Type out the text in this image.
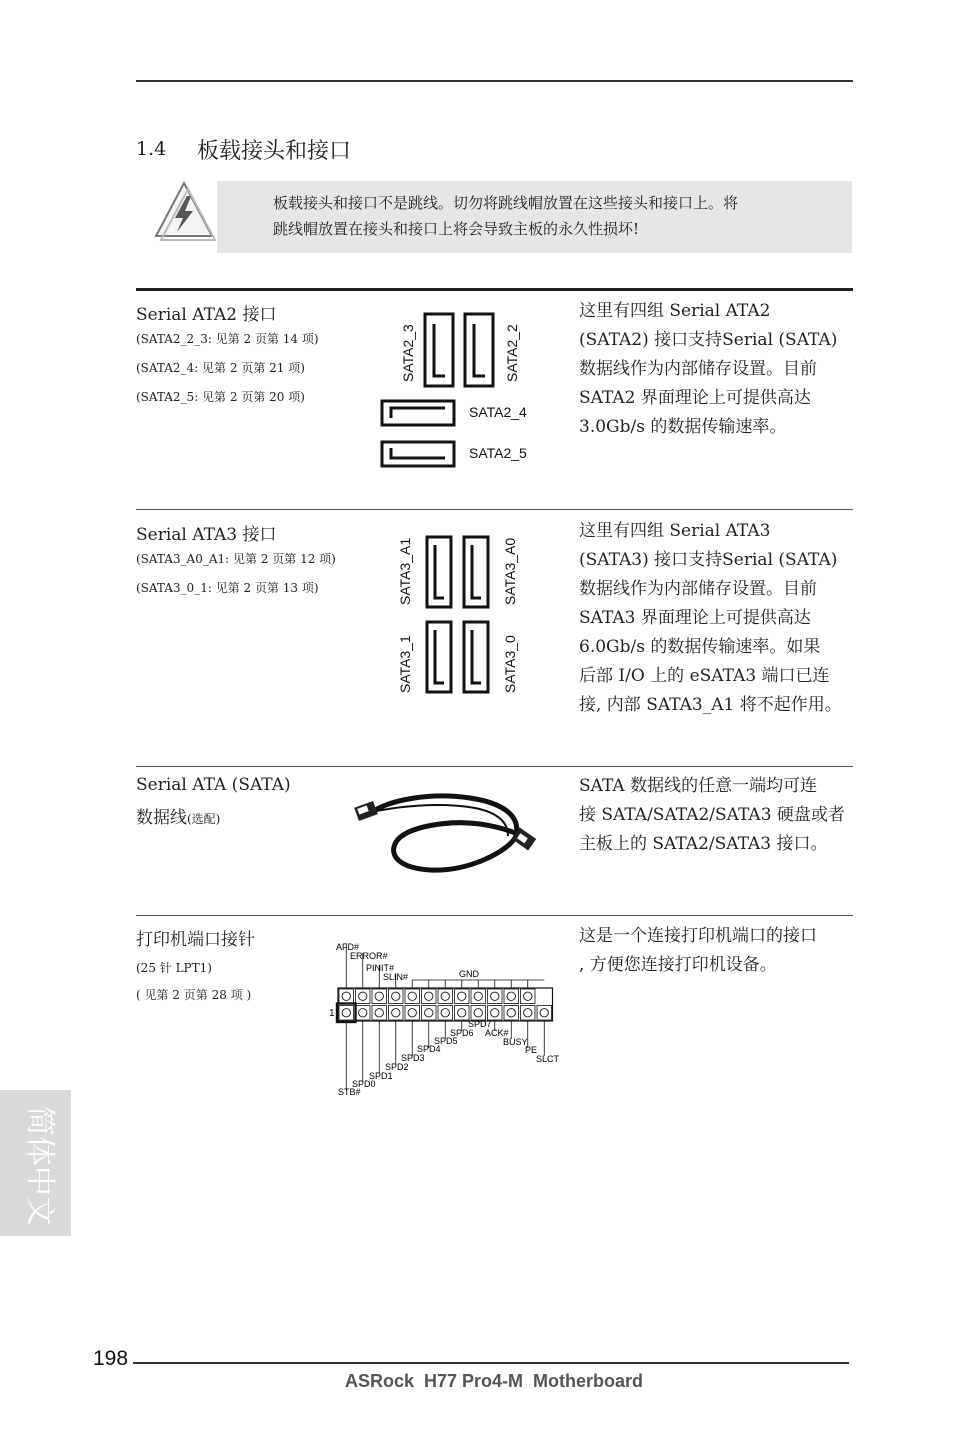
1.4 板载接头和接口
板载接头和接口不是跳线。切勿将跳线帽放置在这些接头和接口上。将
跳线帽放置在接头和接口上将会导致主板的永久性损坏!
Serial ATA2 接口
(SATA2_2_3: 见第 2 页第 14 项)
(SATA2_4: 见第 2 页第 21 项)
(SATA2_5: 见第 2 页第 20 项)
SATA2_3	SATA2_2
SATA2_4
SATA2_5
这里有四组 Serial ATA2
(SATA2) 接口支持Serial (SATA)
数据线作为内部储存设置。目前
SATA2 界面理论上可提供高达
3.0Gb/s 的数据传输速率。
Serial ATA3 接口
(SATA3_A0_A1: 见第 2 页第 12 项)
(SATA3_0_1: 见第 2 页第 13 项)	SATA3_A1	SATA3_A0
SATA3_1	SATA3_0
这里有四组 Serial ATA3
(SATA3) 接口支持Serial (SATA)
数据线作为内部储存设置。目前
SATA3 界面理论上可提供高达
6.0Gb/s 的数据传输速率。如果
后部 I/O 上的 eSATA3 端口已连
接, 内部 SATA3_A1 将不起作用。
Serial ATA (SATA)
数据线(选配)
SATA 数据线的任意一端均可连
接 SATA/SATA2/SATA3 硬盘或者
主板上的 SATA2/SATA3 接口。
打印机端口接针
(25 针 LPT1)
( 见第 2 页第 28 项 )
AFD#
ERROR#
PINIT#
SLIN#	GND
SPD7
SPD6 ACK#
SPD5	BUSY
SPD4	PE
SPD3	SLCT
SPD2
SPD1
SPD0
STB#
1
这是一个连接打印机端口的接口
, 方便您连接打印机设备。
简体中文
198
ASRock  H77 Pro4-M  Motherboard
